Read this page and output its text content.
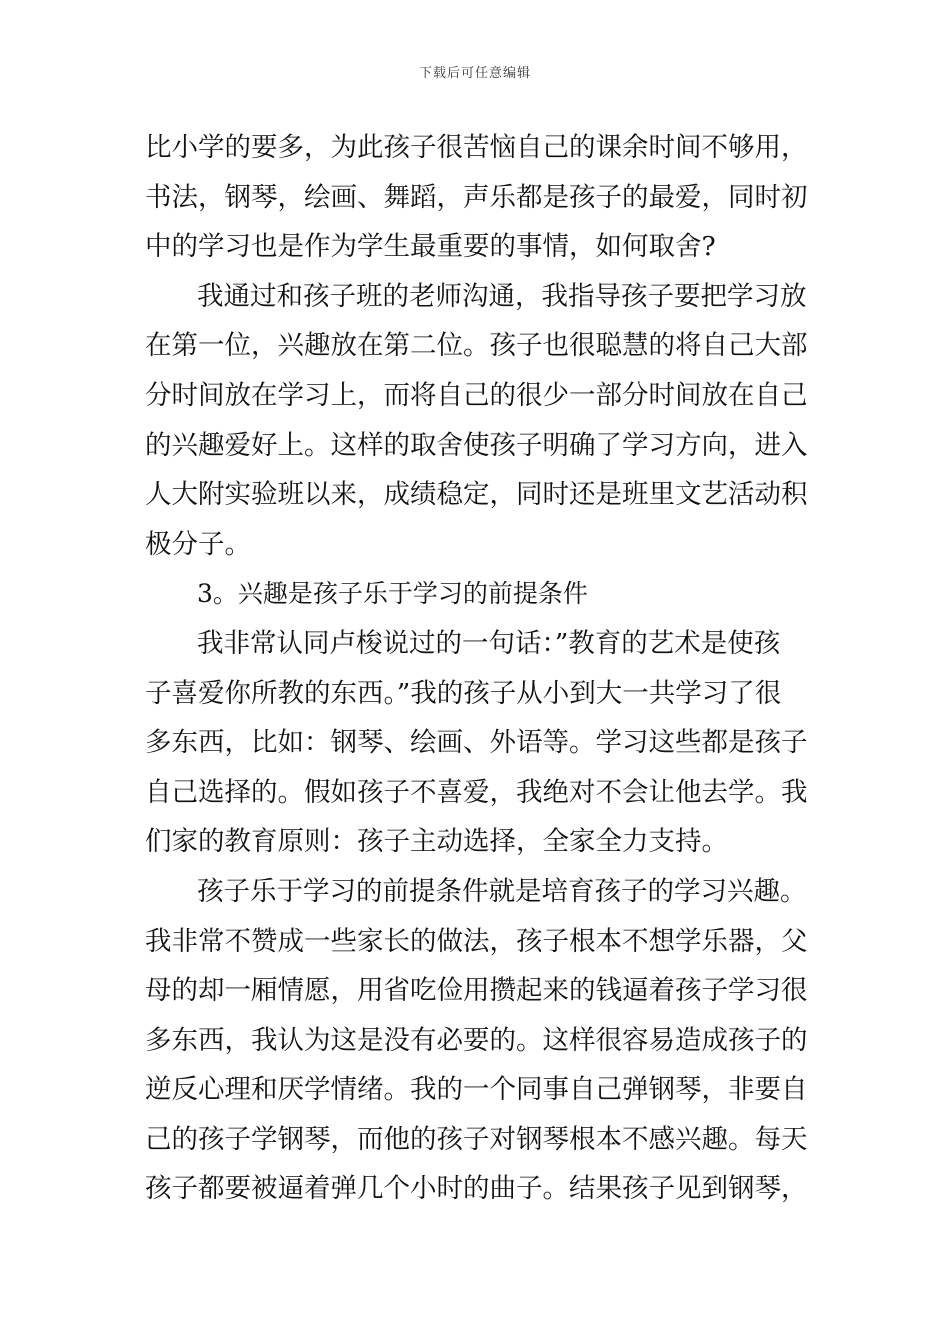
下载后可任意编辑
比小学的要多，为此孩子很苦恼自己的课余时间不够用，
书法，钢琴，绘画、舞蹈，声乐都是孩子的最爱，同时初
中的学习也是作为学生最重要的事情，如何取舍?
我通过和孩子班的老师沟通，我指导孩子要把学习放
在第一位，兴趣放在第二位。孩子也很聪慧的将自己大部
分时间放在学习上，而将自己的很少一部分时间放在自己
的兴趣爱好上。这样的取舍使孩子明确了学习方向，进入
人大附实验班以来，成绩稳定，同时还是班里文艺活动积
极分子。
3。兴趣是孩子乐于学习的前提条件
我非常认同卢梭说过的一句话：”教育的艺术是使孩
子喜爱你所教的东西。”我的孩子从小到大一共学习了很
多东西，比如：钢琴、绘画、外语等。学习这些都是孩子
自己选择的。假如孩子不喜爱，我绝对不会让他去学。我
们家的教育原则：孩子主动选择，全家全力支持。
孩子乐于学习的前提条件就是培育孩子的学习兴趣。
我非常不赞成一些家长的做法，孩子根本不想学乐器，父
母的却一厢情愿，用省吃俭用攒起来的钱逼着孩子学习很
多东西，我认为这是没有必要的。这样很容易造成孩子的
逆反心理和厌学情绪。我的一个同事自己弹钢琴，非要自
己的孩子学钢琴，而他的孩子对钢琴根本不感兴趣。每天
孩子都要被逼着弹几个小时的曲子。结果孩子见到钢琴，
